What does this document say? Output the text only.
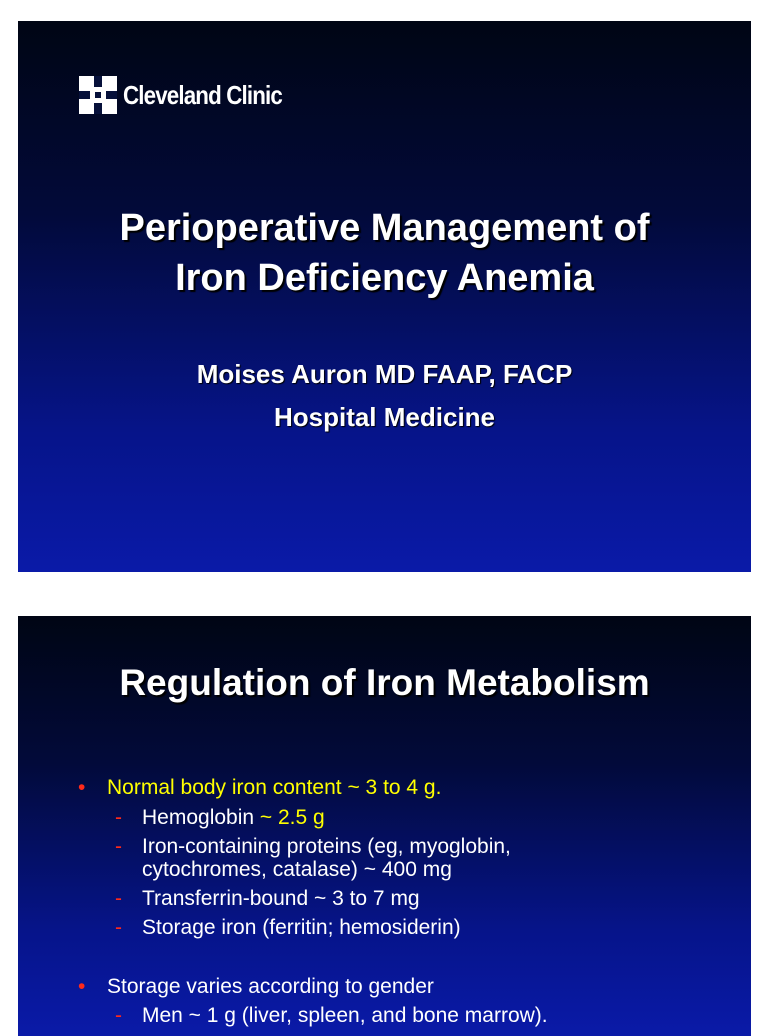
Cleveland Clinic
Perioperative Management of
Iron Deficiency Anemia
Moises Auron MD FAAP, FACP
Hospital Medicine
Regulation of Iron Metabolism
• Normal body iron content ~ 3 to 4 g.
- Hemoglobin ~ 2.5 g
- Iron-containing proteins (eg, myoglobin,
cytochromes, catalase) ~ 400 mg
- Transferrin-bound ~ 3 to 7 mg
- Storage iron (ferritin; hemosiderin)
• Storage varies according to gender
- Men ~ 1 g (liver, spleen, and bone marrow).
